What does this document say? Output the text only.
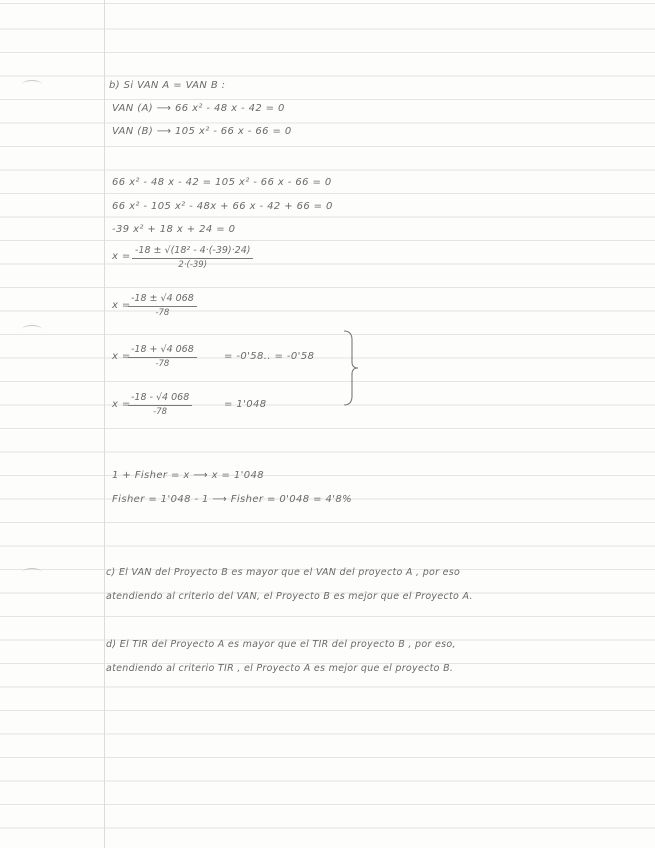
b) Si VAN A = VAN B :
VAN (A) ⟶ 66 x² - 48 x - 42 = 0
VAN (B) ⟶ 105 x² - 66 x - 66 = 0
66 x² - 48 x - 42 = 105 x² - 66 x - 66 = 0
66 x² - 105 x² - 48x + 66 x - 42 + 66 = 0
-39 x² + 18 x + 24 = 0
$x = \frac{\text{-18 ± √(18² - 4·(-39)·24)}}{2\cdot(-39)}$
x =
$\frac{-18 \pm √4 068}{-78}$
x =
$\frac{-18 + √4 068}{-78}$	= -0'58.. = -0'58
x =
$\frac{-18 - √4 068}{-78}$	= 1'048
1 + Fisher = x ⟶ x = 1'048
Fisher = 1'048 - 1 ⟶ Fisher = 0'048 = 4'8%
c) El VAN del Proyecto B es mayor que el VAN del proyecto A , por eso
atendiendo al criterio del VAN, el Proyecto B es mejor que el Proyecto A.
d) El TIR del Proyecto A es mayor que el TIR del proyecto B , por eso,
atendiendo al criterio TIR , el Proyecto A es mejor que el proyecto B.
